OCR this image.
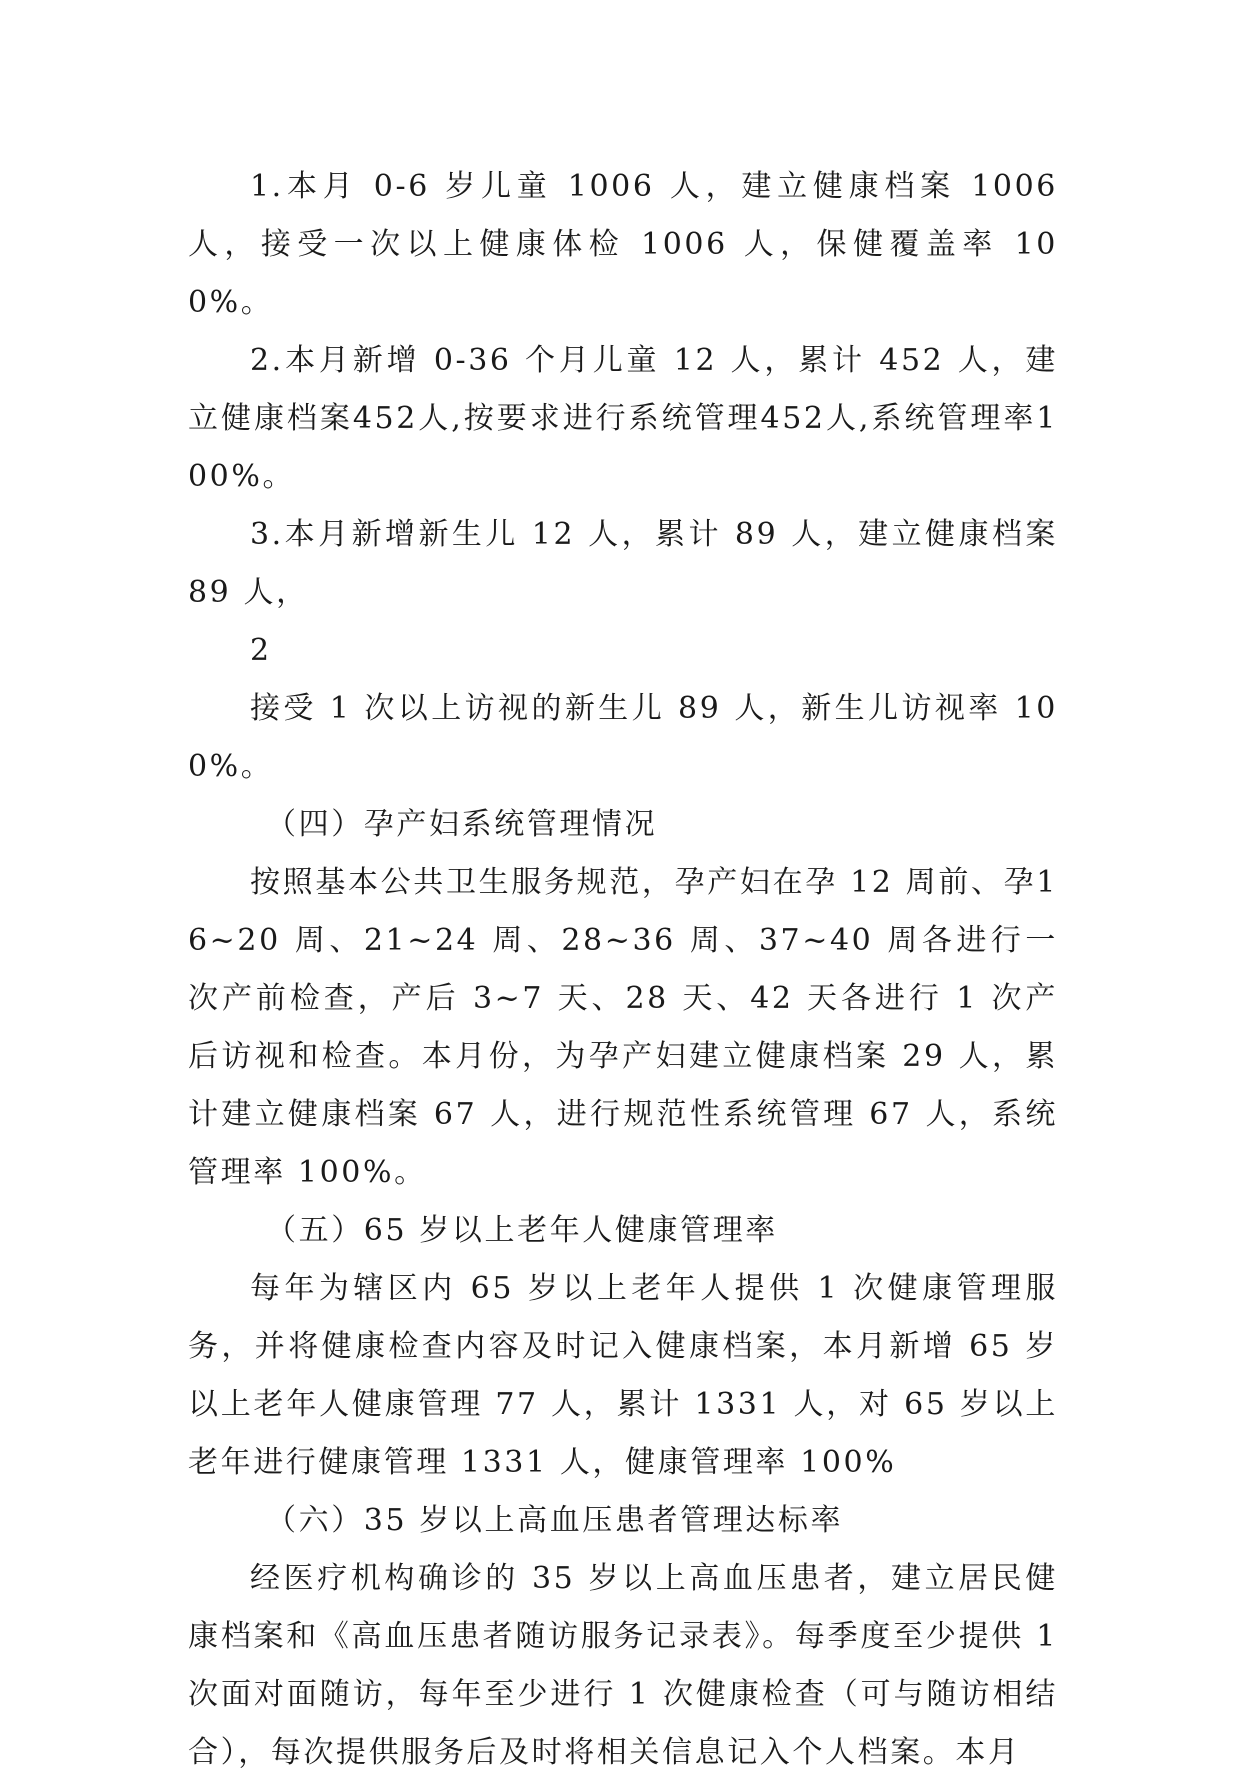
1.本月 0-6 岁儿童 1006 人，建立健康档案 1006 人，接受一次以上健康体检 1006 人，保健覆盖率 100%。

2.本月新增 0-36 个月儿童 12 人，累计 452 人，建立健康档案452人,按要求进行系统管理452人,系统管理率100%。

3.本月新增新生儿 12 人，累计 89 人，建立健康档案 89 人，

2

接受 1 次以上访视的新生儿 89 人，新生儿访视率 100%。

（四）孕产妇系统管理情况

按照基本公共卫生服务规范，孕产妇在孕 12 周前、孕16~20 周、21~24 周、28~36 周、37~40 周各进行一次产前检查，产后 3~7 天、28 天、42 天各进行 1 次产后访视和检查。本月份，为孕产妇建立健康档案 29 人，累计建立健康档案 67 人，进行规范性系统管理 67 人，系统管理率 100%。

（五）65 岁以上老年人健康管理率

每年为辖区内 65 岁以上老年人提供 1 次健康管理服务，并将健康检查内容及时记入健康档案，本月新增 65 岁以上老年人健康管理 77 人，累计 1331 人，对 65 岁以上老年进行健康管理 1331 人，健康管理率 100%

（六）35 岁以上高血压患者管理达标率

经医疗机构确诊的 35 岁以上高血压患者，建立居民健康档案和《高血压患者随访服务记录表》。每季度至少提供 1 次面对面随访，每年至少进行 1 次健康检查（可与随访相结合），每次提供服务后及时将相关信息记入个人档案。本月
